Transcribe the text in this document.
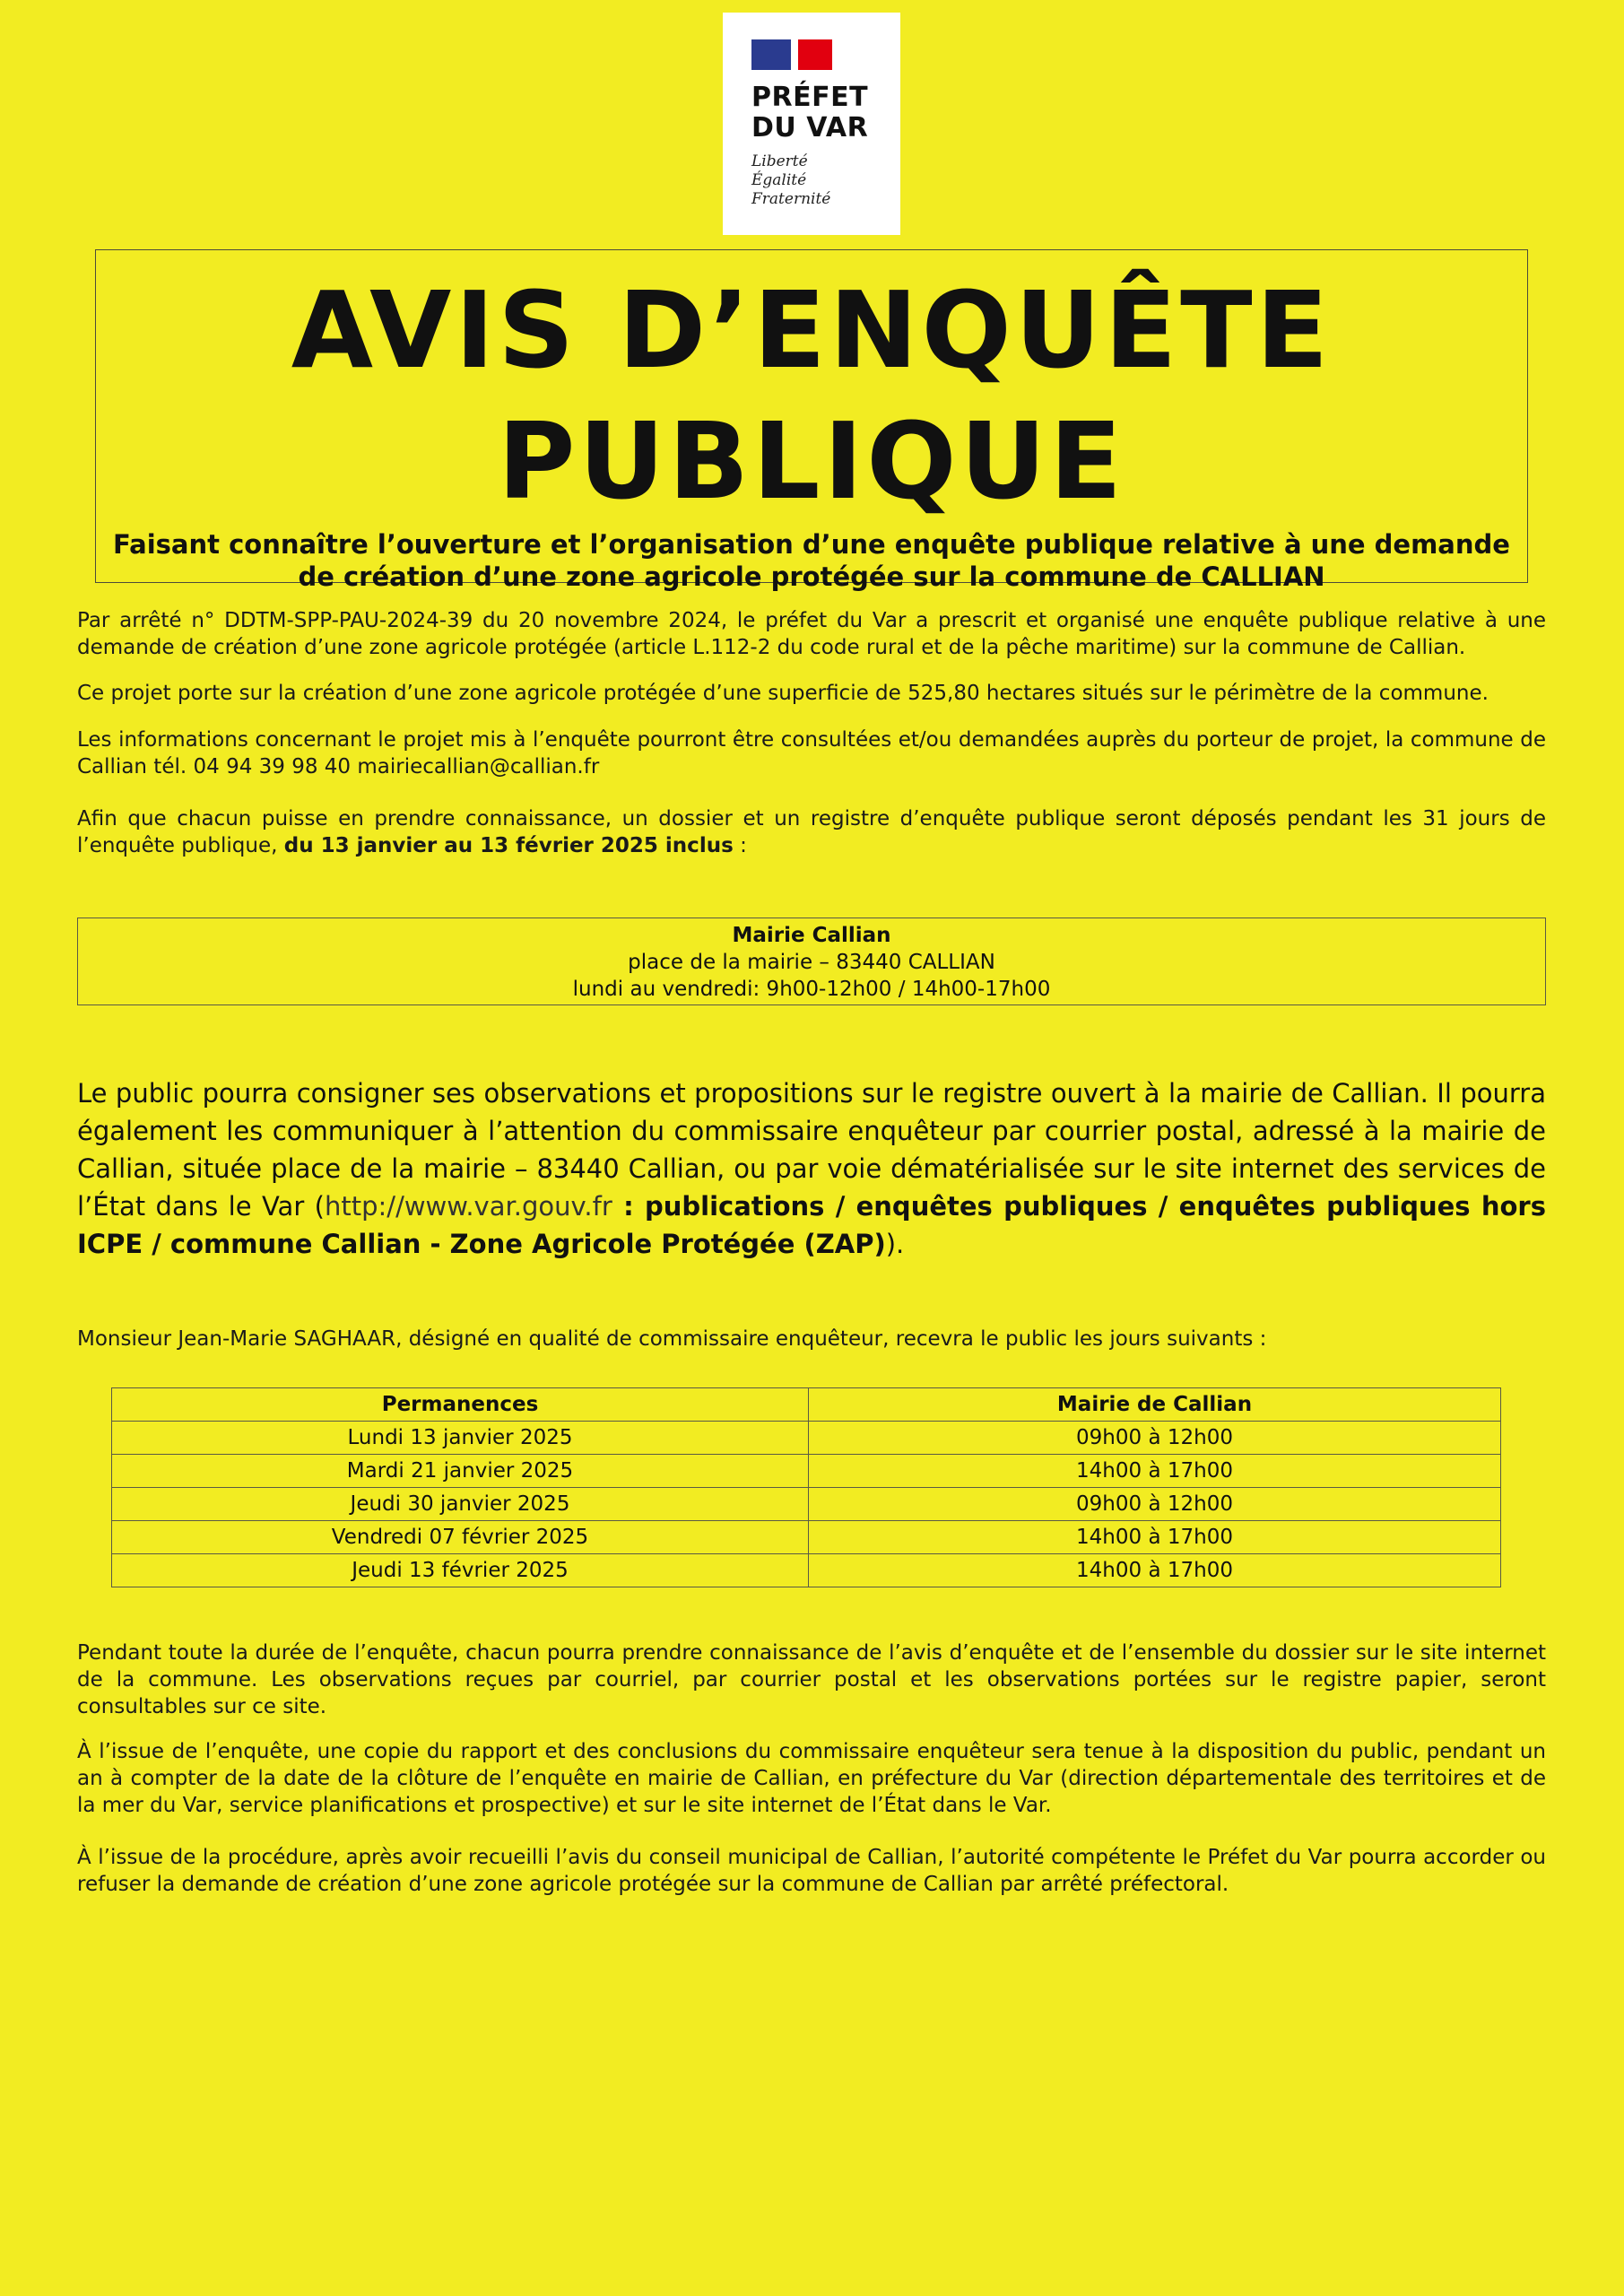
PRÉFET
DU VAR
Liberté
Égalité
Fraternité
AVIS D’ENQUÊTE
PUBLIQUE
Faisant connaître l’ouverture et l’organisation d’une enquête publique relative à une demande de création d’une zone agricole protégée sur la commune de CALLIAN
Par arrêté n° DDTM-SPP-PAU-2024-39 du 20 novembre 2024, le préfet du Var a prescrit et organisé une enquête publique relative à une demande de création d’une zone agricole protégée (article L.112-2 du code rural et de la pêche maritime) sur la commune de Callian.
Ce projet porte sur la création d’une zone agricole protégée d’une superficie de 525,80 hectares situés sur le périmètre de la commune.
Les informations concernant le projet mis à l’enquête pourront être consultées et/ou demandées auprès du porteur de projet, la commune de Callian tél. 04 94 39 98 40 mairiecallian@callian.fr
Afin que chacun puisse en prendre connaissance, un dossier et un registre d’enquête publique seront déposés pendant les 31 jours de l’enquête publique, du 13 janvier au 13 février 2025 inclus :
Mairie Callian
place de la mairie – 83440 CALLIAN
lundi au vendredi: 9h00-12h00 / 14h00-17h00
Le public pourra consigner ses observations et propositions sur le registre ouvert à la mairie de Callian. Il pourra également les communiquer à l’attention du commissaire enquêteur par courrier postal, adressé à la mairie de Callian, située place de la mairie – 83440 Callian, ou par voie dématérialisée sur le site internet des services de l’État dans le Var (http://www.var.gouv.fr : publications / enquêtes publiques / enquêtes publiques hors ICPE / commune Callian - Zone Agricole Protégée (ZAP)).
Monsieur Jean-Marie SAGHAAR, désigné en qualité de commissaire enquêteur, recevra le public les jours suivants :
Permanences	Mairie de Callian
Lundi 13 janvier 2025	09h00 à 12h00
Mardi 21 janvier 2025	14h00 à 17h00
Jeudi 30 janvier 2025	09h00 à 12h00
Vendredi 07 février 2025	14h00 à 17h00
Jeudi 13 février 2025	14h00 à 17h00
Pendant toute la durée de l’enquête, chacun pourra prendre connaissance de l’avis d’enquête et de l’ensemble du dossier sur le site internet de la commune. Les observations reçues par courriel, par courrier postal et les observations portées sur le registre papier, seront consultables sur ce site.
À l’issue de l’enquête, une copie du rapport et des conclusions du commissaire enquêteur sera tenue à la disposition du public, pendant un an à compter de la date de la clôture de l’enquête en mairie de Callian, en préfecture du Var (direction départementale des territoires et de la mer du Var, service planifications et prospective) et sur le site internet de l’État dans le Var.
À l’issue de la procédure, après avoir recueilli l’avis du conseil municipal de Callian, l’autorité compétente le Préfet du Var pourra accorder ou refuser la demande de création d’une zone agricole protégée sur la commune de Callian par arrêté préfectoral.
